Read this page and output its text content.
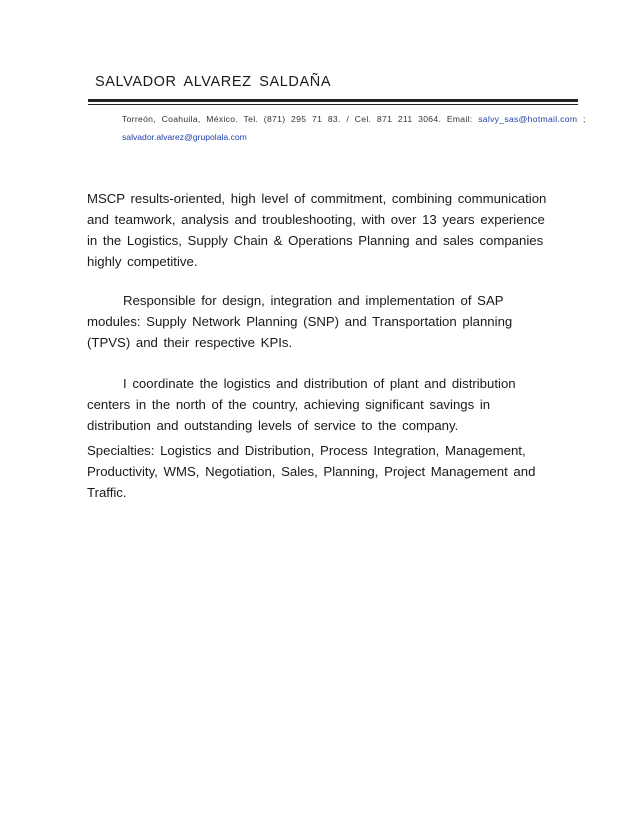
SALVADOR ALVAREZ SALDAÑA
Torreón, Coahuila, México. Tel. (871) 295 71 83. / Cel. 871 211 3064. Email: salvy_sas@hotmail.com ;
salvador.alvarez@grupolala.com

MSCP results-oriented, high level of commitment, combining communication and teamwork, analysis and troubleshooting, with over 13 years experience in the Logistics, Supply Chain & Operations Planning and sales companies highly competitive.

Responsible for design, integration and implementation of SAP modules: Supply Network Planning (SNP) and Transportation planning (TPVS) and their respective KPIs.

I coordinate the logistics and distribution of plant and distribution centers in the north of the country, achieving significant savings in distribution and outstanding levels of service to the company.

Specialties: Logistics and Distribution, Process Integration, Management, Productivity, WMS, Negotiation, Sales, Planning, Project Management and Traffic.
